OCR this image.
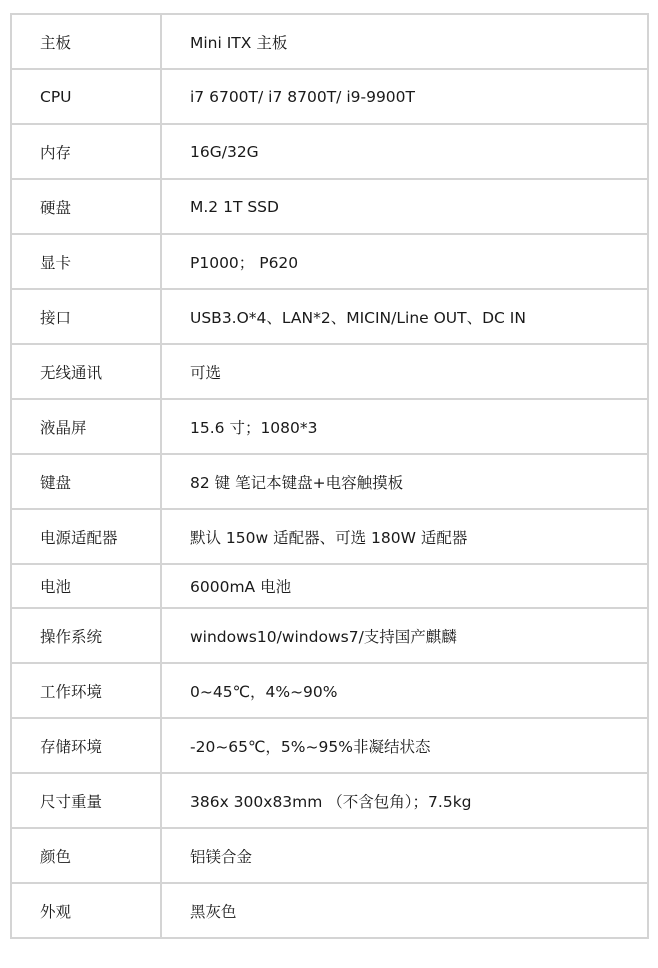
主板	Mini ITX 主板
CPU	i7 6700T/ i7 8700T/ i9-9900T
内存	16G/32G
硬盘	M.2 1T SSD
显卡	P1000； P620
接口	USB3.O*4、LAN*2、MICIN/Line OUT、DC IN
无线通讯	可选
液晶屏	15.6 寸；1080*3
键盘	82 键 笔记本键盘+电容触摸板
电源适配器	默认 150w 适配器、可选 180W 适配器
电池	6000mA 电池
操作系统	windows10/windows7/支持国产麒麟
工作环境	0~45℃，4%~90%
存储环境	-20~65℃，5%~95%非凝结状态
尺寸重量	386x 300x83mm （不含包角）；7.5kg
颜色	铝镁合金
外观	黑灰色
